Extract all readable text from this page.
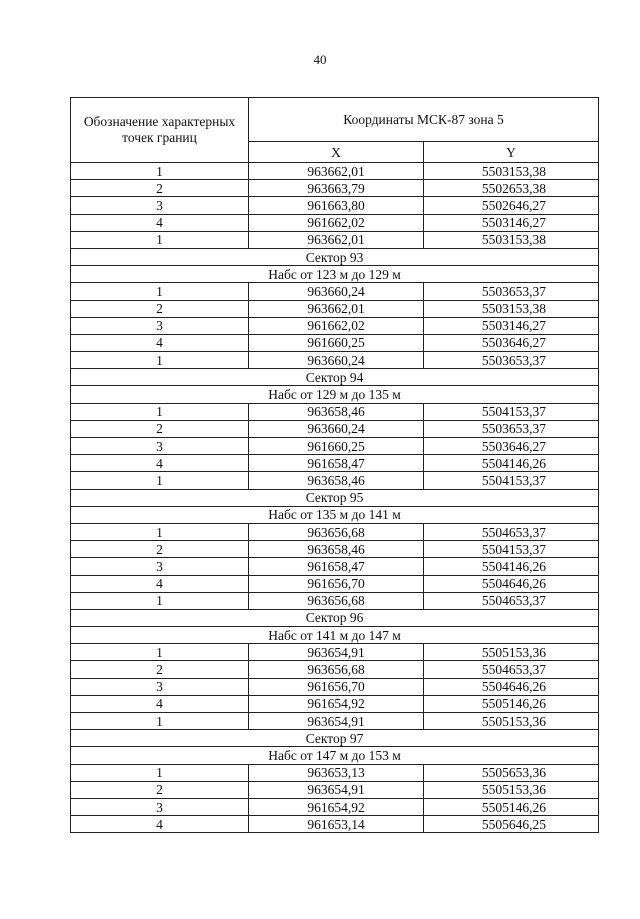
40
Обозначение характерных точек границ	Координаты МСК-87 зона 5	
	X	Y
1	963662,01	5503153,38
2	963663,79	5502653,38
3	961663,80	5502646,27
4	961662,02	5503146,27
1	963662,01	5503153,38
Сектор 93		
Набс от 123 м до 129 м		
1	963660,24	5503653,37
2	963662,01	5503153,38
3	961662,02	5503146,27
4	961660,25	5503646,27
1	963660,24	5503653,37
Сектор 94		
Набс от 129 м до 135 м		
1	963658,46	5504153,37
2	963660,24	5503653,37
3	961660,25	5503646,27
4	961658,47	5504146,26
1	963658,46	5504153,37
Сектор 95		
Набс от 135 м до 141 м		
1	963656,68	5504653,37
2	963658,46	5504153,37
3	961658,47	5504146,26
4	961656,70	5504646,26
1	963656,68	5504653,37
Сектор 96		
Набс от 141 м до 147 м		
1	963654,91	5505153,36
2	963656,68	5504653,37
3	961656,70	5504646,26
4	961654,92	5505146,26
1	963654,91	5505153,36
Сектор 97		
Набс от 147 м до 153 м		
1	963653,13	5505653,36
2	963654,91	5505153,36
3	961654,92	5505146,26
4	961653,14	5505646,25
